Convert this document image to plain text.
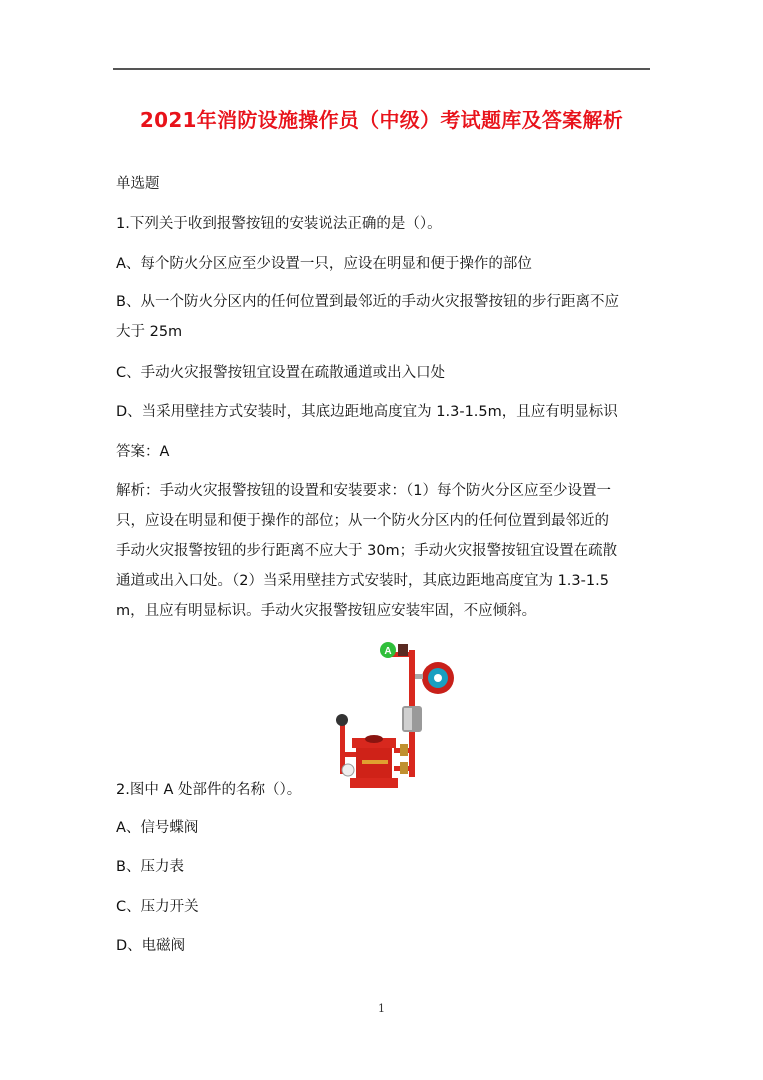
2021年消防设施操作员（中级）考试题库及答案解析
单选题
1.下列关于收到报警按钮的安装说法正确的是（）。
A、每个防火分区应至少设置一只，应设在明显和便于操作的部位
B、从一个防火分区内的任何位置到最邻近的手动火灾报警按钮的步行距离不应
大于 25m
C、手动火灾报警按钮宜设置在疏散通道或出入口处
D、当采用壁挂方式安装时，其底边距地高度宜为 1.3-1.5m，且应有明显标识
答案：A
解析：手动火灾报警按钮的设置和安装要求：（1）每个防火分区应至少设置一
只，应设在明显和便于操作的部位；从一个防火分区内的任何位置到最邻近的
手动火灾报警按钮的步行距离不应大于 30m；手动火灾报警按钮宜设置在疏散
通道或出入口处。（2）当采用壁挂方式安装时，其底边距地高度宜为 1.3-1.5
m，且应有明显标识。手动火灾报警按钮应安装牢固，不应倾斜。
A
2.图中 A 处部件的名称（）。
A、信号蝶阀
B、压力表
C、压力开关
D、电磁阀
1
